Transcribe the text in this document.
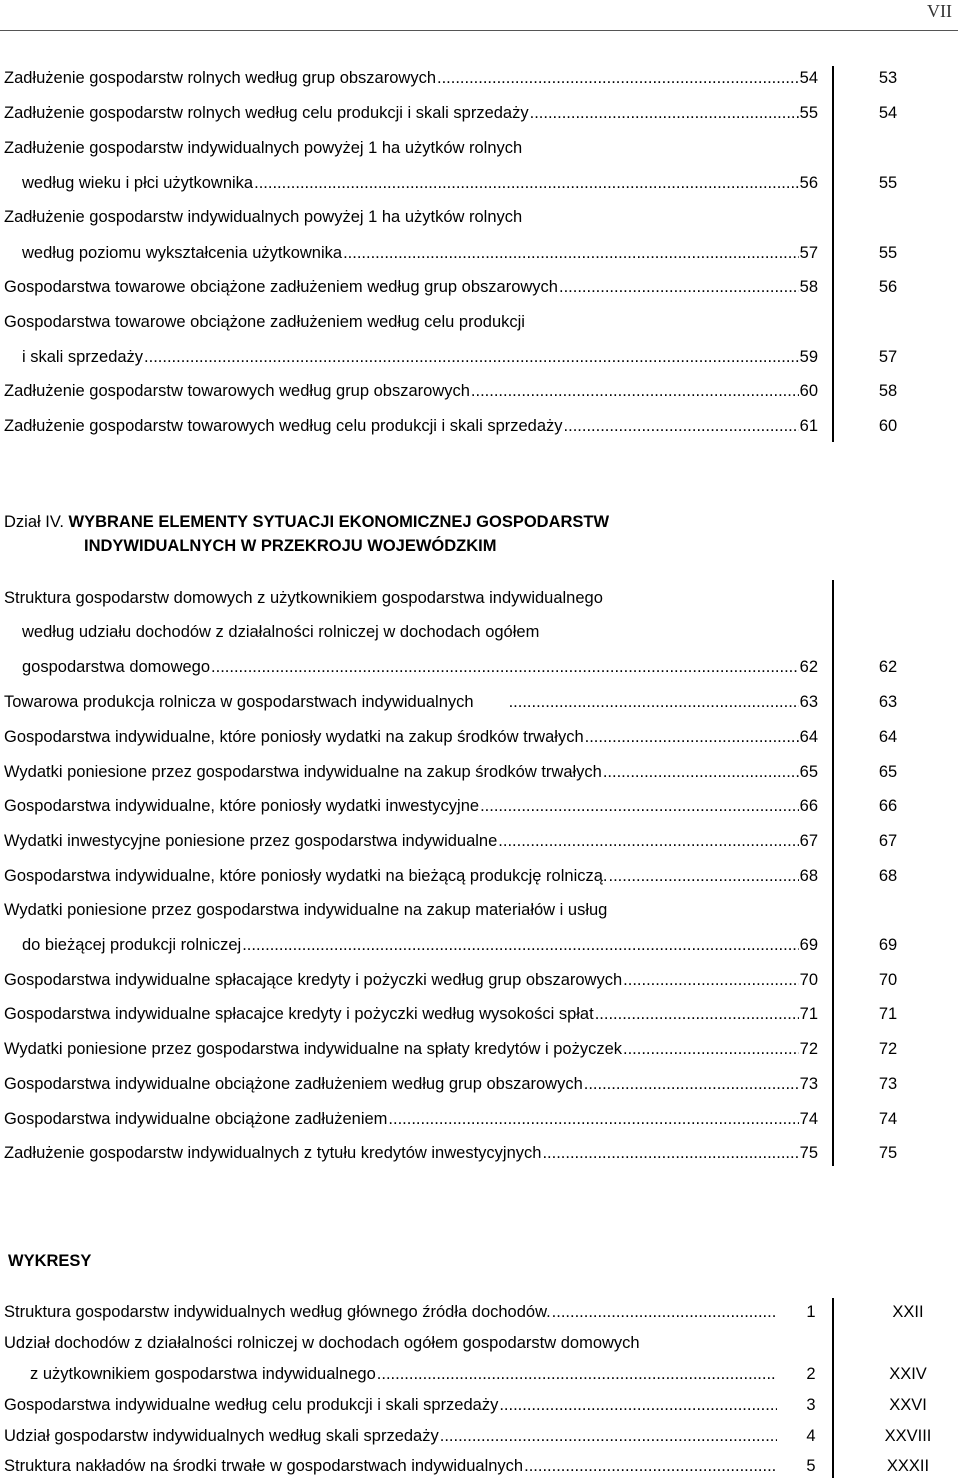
VII
Zadłużenie gospodarstw rolnych według grup obszarowych .....	54	53
Zadłużenie gospodarstw rolnych według celu produkcji i skali sprzedaży .....	55	54
Zadłużenie gospodarstw indywidualnych powyżej 1 ha użytków rolnych
według wieku i płci użytkownika .....	56	55
Zadłużenie gospodarstw indywidualnych powyżej 1 ha użytków rolnych
według poziomu wykształcenia użytkownika .....	57	55
Gospodarstwa towarowe obciążone zadłużeniem według grup obszarowych .....	58	56
Gospodarstwa towarowe obciążone zadłużeniem według celu produkcji
i skali sprzedaży .....	59	57
Zadłużenie gospodarstw towarowych według grup obszarowych .....	60	58
Zadłużenie gospodarstw towarowych według celu produkcji i skali sprzedaży .....	61	60
Dział IV. WYBRANE ELEMENTY SYTUACJI EKONOMICZNEJ GOSPODARSTW
INDYWIDUALNYCH W PRZEKROJU WOJEWÓDZKIM
Struktura gospodarstw domowych z użytkownikiem gospodarstwa indywidualnego
według udziału dochodów z działalności rolniczej w dochodach ogółem
gospodarstwa domowego .....	62	62
Towarowa produkcja rolnicza w gospodarstwach indywidualnych .....	63	63
Gospodarstwa indywidualne, które poniosły wydatki na zakup środków trwałych .....	64	64
Wydatki poniesione przez gospodarstwa indywidualne na zakup środków trwałych .....	65	65
Gospodarstwa indywidualne, które poniosły wydatki inwestycyjne .....	66	66
Wydatki inwestycyjne poniesione przez gospodarstwa indywidualne .....	67	67
Gospodarstwa indywidualne, które poniosły wydatki na bieżącą produkcję rolniczą. .....	68	68
Wydatki poniesione przez gospodarstwa indywidualne na zakup materiałów i usług
do bieżącej produkcji rolniczej .....	69	69
Gospodarstwa indywidualne spłacające kredyty i pożyczki według grup obszarowych .....	70	70
Gospodarstwa indywidualne spłacajce kredyty i pożyczki według wysokości spłat .....	71	71
Wydatki poniesione przez gospodarstwa indywidualne na spłaty kredytów i pożyczek .....	72	72
Gospodarstwa indywidualne obciążone zadłużeniem według grup obszarowych .....	73	73
Gospodarstwa indywidualne obciążone zadłużeniem .....	74	74
Zadłużenie gospodarstw indywidualnych z tytułu kredytów inwestycyjnych .....	75	75
WYKRESY
Struktura gospodarstw indywidualnych według głównego źródła dochodów. .....	1	XXII
Udział dochodów z działalności rolniczej w dochodach ogółem gospodarstw domowych
z użytkownikiem gospodarstwa indywidualnego .....	2	XXIV
Gospodarstwa indywidualne według celu produkcji i skali sprzedaży .....	3	XXVI
Udział gospodarstw indywidualnych według skali sprzedaży .....	4	XXVIII
Struktura nakładów na środki trwałe w gospodarstwach indywidualnych .....	5	XXXII
